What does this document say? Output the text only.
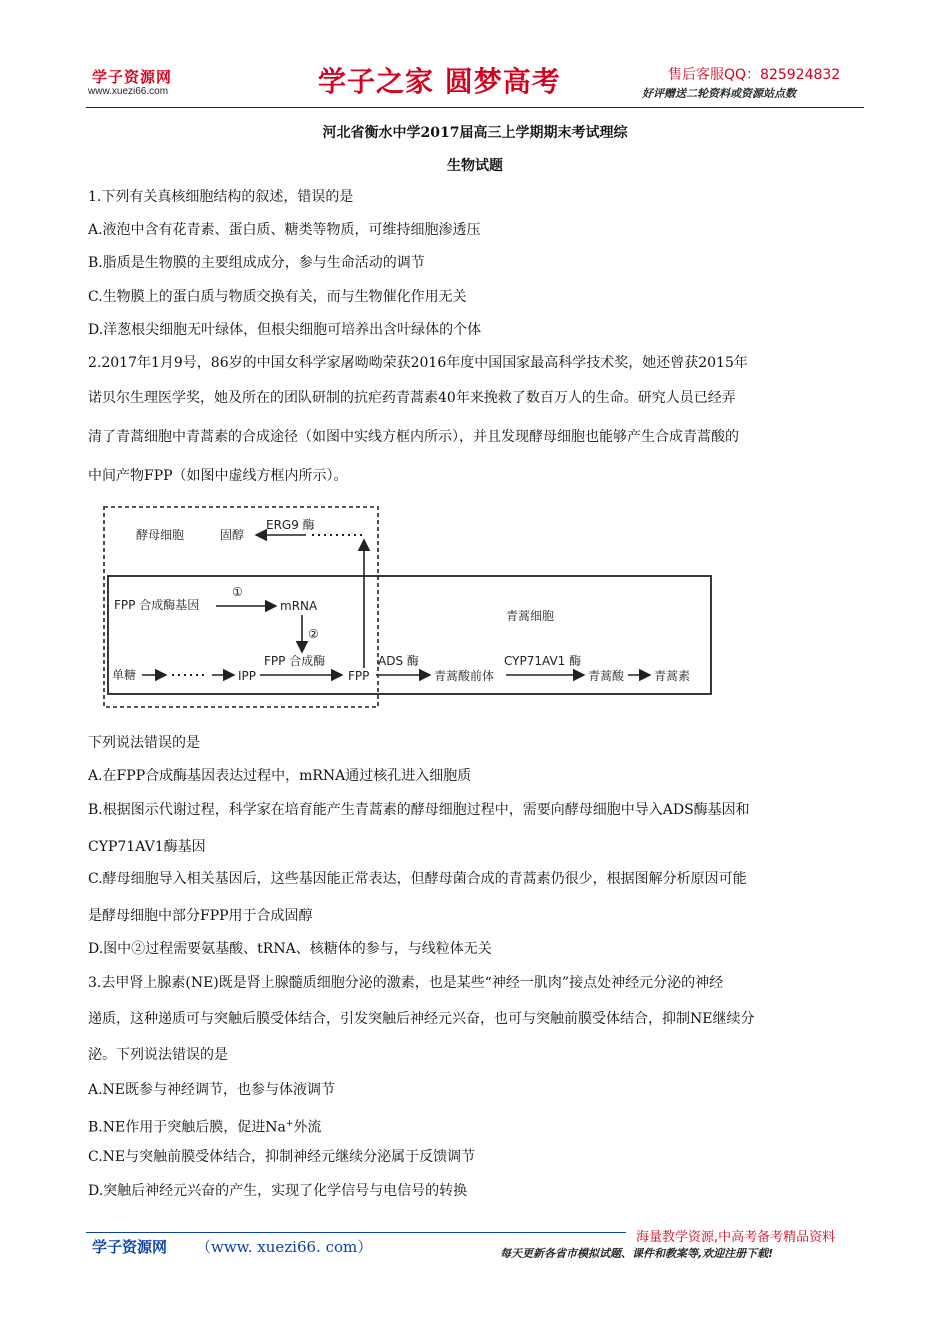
学子资源网
www.xuezi66.com	学子之家 圆梦高考	售后客服QQ：825924832
好评赠送二轮资料或资源站点数
河北省衡水中学2017届高三上学期期末考试理综
生物试题
1.下列有关真核细胞结构的叙述，错误的是
A.液泡中含有花青素、蛋白质、糖类等物质，可维持细胞渗透压
B.脂质是生物膜的主要组成成分，参与生命活动的调节
C.生物膜上的蛋白质与物质交换有关，而与生物催化作用无关
D.洋葱根尖细胞无叶绿体，但根尖细胞可培养出含叶绿体的个体
2.2017年1月9号，86岁的中国女科学家屠呦呦荣获2016年度中国国家最高科学技术奖，她还曾获2015年
诺贝尔生理医学奖，她及所在的团队研制的抗疟药青蒿素40年来挽救了数百万人的生命。研究人员已经弄
清了青蒿细胞中青蒿素的合成途径（如图中实线方框内所示），并且发现酵母细胞也能够产生合成青蒿酸的
中间产物FPP（如图中虚线方框内所示）。
酵母细胞	固醇
ERG9 酶
FPP 合成酶基因
①
mRNA
②
青蒿细胞
单糖	IPP
FPP 合成酶
FPP
ADS 酶
青蒿酸前体
CYP71AV1 酶
青蒿酸 青蒿素
下列说法错误的是
A.在FPP合成酶基因表达过程中，mRNA通过核孔进入细胞质
B.根据图示代谢过程，科学家在培育能产生青蒿素的酵母细胞过程中，需要向酵母细胞中导入ADS酶基因和
CYP71AV1酶基因
C.酵母细胞导入相关基因后，这些基因能正常表达，但酵母菌合成的青蒿素仍很少，根据图解分析原因可能
是酵母细胞中部分FPP用于合成固醇
D.图中②过程需要氨基酸、tRNA、核糖体的参与，与线粒体无关
3.去甲肾上腺素(NE)既是肾上腺髓质细胞分泌的激素，也是某些“神经一肌肉”接点处神经元分泌的神经
递质，这种递质可与突触后膜受体结合，引发突触后神经元兴奋，也可与突触前膜受体结合，抑制NE继续分
泌。下列说法错误的是
A.NE既参与神经调节，也参与体液调节
B.NE作用于突触后膜，促进Na+外流
C.NE与突触前膜受体结合，抑制神经元继续分泌属于反馈调节
D.突触后神经元兴奋的产生，实现了化学信号与电信号的转换
学子资源网 （www. xuezi66. com）
海量教学资源,中高考备考精品资料
每天更新各省市模拟试题、课件和教案等,欢迎注册下载!
